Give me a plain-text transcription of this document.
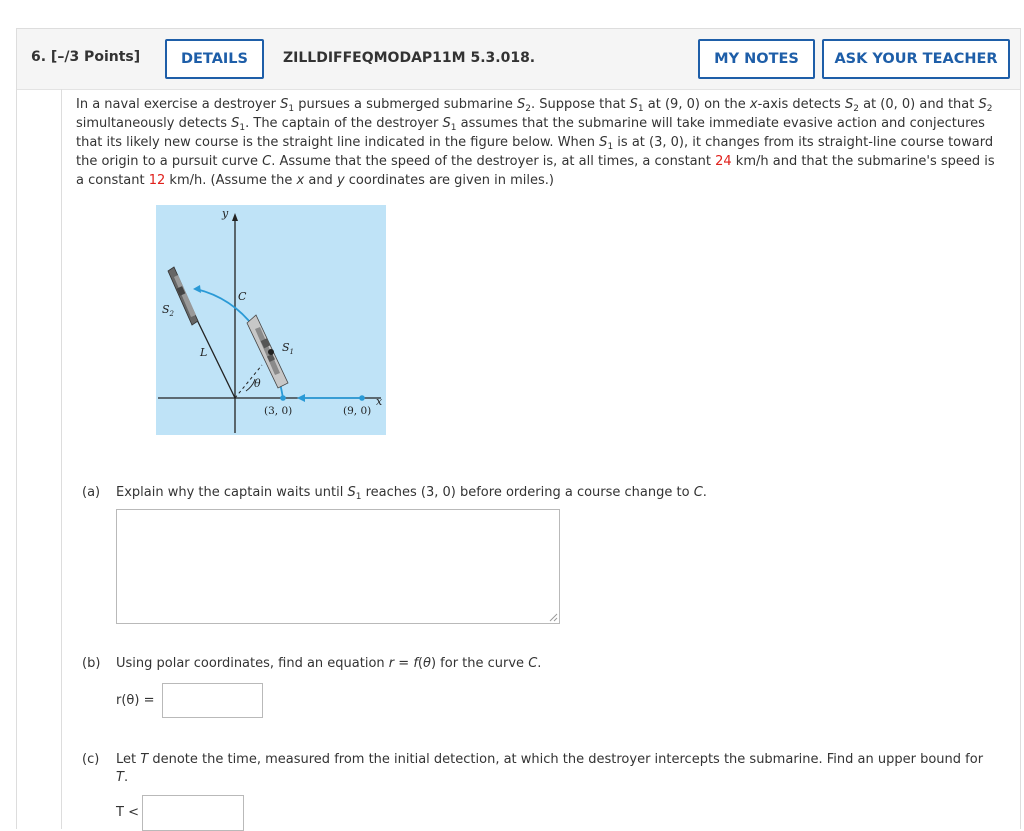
6. [–/3 Points]	DETAILS	ZILLDIFFEQMODAP11M 5.3.018.	MY NOTES	ASK YOUR TEACHER
In a naval exercise a destroyer $S_1$ pursues a submerged submarine $S_2$. Suppose that $S_1$ at (9, 0) on the x-axis detects $S_2$ at (0, 0) and that $S_2$ simultaneously detects $S_1$. The captain of the destroyer $S_1$ assumes that the submarine will take immediate evasive action and conjectures that its likely new course is the straight line indicated in the figure below. When $S_1$ is at (3, 0), it changes from its straight-line course toward the origin to a pursuit curve C. Assume that the speed of the destroyer is, at all times, a constant 24 km/h and that the submarine's speed is a constant 12 km/h. (Assume the x and y coordinates are given in miles.)
y
x
θ
L
C
$S_2$
$S_1$
(3, 0)	(9, 0)
(a) Explain why the captain waits until $S_1$ reaches (3, 0) before ordering a course change to C.
(b) Using polar coordinates, find an equation r = f(θ) for the curve C.
r(θ) =
(c) Let T denote the time, measured from the initial detection, at which the destroyer intercepts the submarine. Find an upper bound for
T.
T <
